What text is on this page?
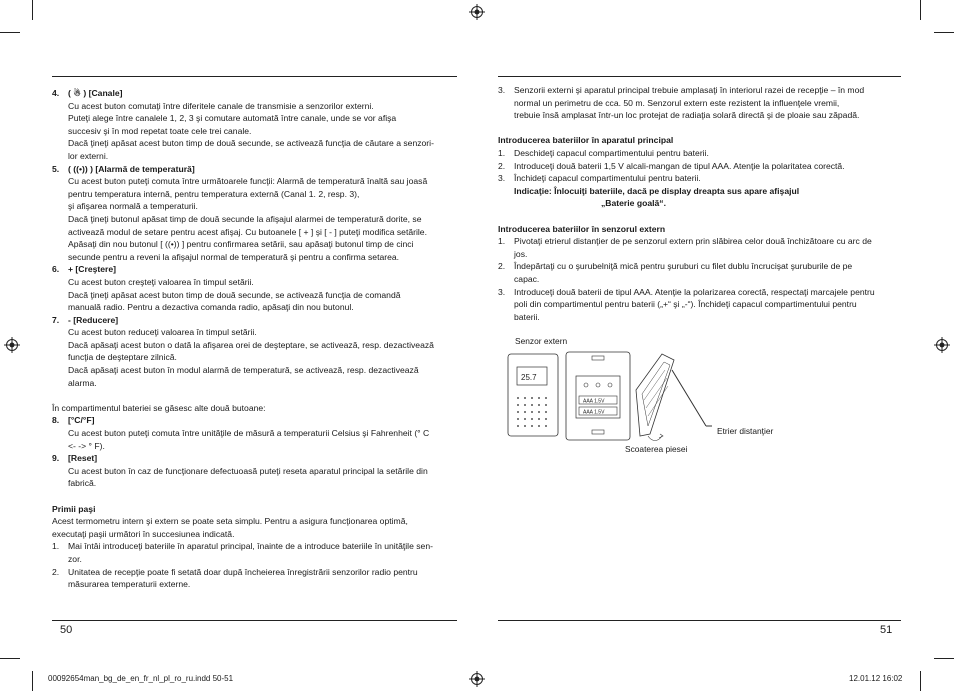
4. ( ☃ ) [Canale]

Cu acest buton comutaţi între diferitele canale de transmisie a senzorilor externi.

Puteţi alege între canalele 1, 2, 3 şi comutare automată între canale, unde se vor afişa

succesiv şi în mod repetat toate cele trei canale.

Dacă ţineţi apăsat acest buton timp de două secunde, se activează funcţia de căutare a senzori-

lor externi.

5. ( ((•)) ) [Alarmă de temperatură]

Cu acest buton puteţi comuta între următoarele funcţii: Alarmă de temperatură înaltă sau joasă

pentru temperatura internă, pentru temperatura externă (Canal 1. 2, resp. 3),

şi afişarea normală a temperaturii.

Dacă ţineţi butonul apăsat timp de două secunde la afişajul alarmei de temperatură dorite, se

activează modul de setare pentru acest afişaj. Cu butoanele [ + ] şi [ - ] puteţi modifica setările.

Apăsaţi din nou butonul [ ((•)) ] pentru confirmarea setării, sau apăsaţi butonul timp de cinci

secunde pentru a reveni la afişajul normal de temperatură şi pentru a confirma setarea.

6. + [Creştere]

Cu acest buton creşteţi valoarea în timpul setării.

Dacă ţineţi apăsat acest buton timp de două secunde, se activează funcţia de comandă

manuală radio. Pentru a dezactiva comanda radio, apăsaţi din nou butonul.

7. - [Reducere]

Cu acest buton reduceţi valoarea în timpul setării.

Dacă apăsaţi acest buton o dată la afişarea orei de deşteptare, se activează, resp. dezactivează

funcţia de deşteptare zilnică.

Dacă apăsaţi acest buton în modul alarmă de temperatură, se activează, resp. dezactivează

alarma.

În compartimentul bateriei se găsesc alte două butoane:

8. [°C/°F]

Cu acest buton puteţi comuta între unităţile de măsură a temperaturii Celsius şi Fahrenheit (° C

<- -> ° F).

9. [Reset]

Cu acest buton în caz de funcţionare defectuoasă puteţi reseta aparatul principal la setările din

fabrică.

Primii paşi

Acest termometru intern şi extern se poate seta simplu. Pentru a asigura funcţionarea optimă,

executaţi paşii următori în succesiunea indicată.

1. Mai întâi introduceţi bateriile în aparatul principal, înainte de a introduce bateriile în unităţile sen-

zor.

2. Unitatea de recepţie poate fi setată doar după încheierea înregistrării senzorilor radio pentru

măsurarea temperaturii externe.

3. Senzorii externi şi aparatul principal trebuie amplasaţi în interiorul razei de recepţie – în mod

normal un perimetru de cca. 50 m. Senzorul extern este rezistent la influenţele vremii,

trebuie însă amplasat într-un loc protejat de radiaţia solară directă şi de ploaie sau zăpadă.

Introducerea bateriilor în aparatul principal

1. Deschideţi capacul compartimentului pentru baterii.

2. Introduceţi două baterii 1,5 V alcali-mangan de tipul AAA. Atenţie la polaritatea corectă.

3. Închideţi capacul compartimentului pentru baterii.

Indicaţie: Înlocuiţi bateriile, dacă pe display dreapta sus apare afişajul

„Baterie goală“.

Introducerea bateriilor în senzorul extern

1. Pivotaţi etrierul distanţier de pe senzorul extern prin slăbirea celor două închizătoare cu arc de

jos.

2. Îndepărtaţi cu o şurubelniţă mică pentru şuruburi cu filet dublu încrucişat şuruburile de pe

capac.

3. Introduceţi două baterii de tipul AAA. Atenţie la polarizarea corectă, respectaţi marcajele pentru

poli din compartimentul pentru baterii („+“ şi „-“). Închideţi capacul compartimentului pentru

baterii.

Senzor extern
Etrier distanţier
Scoaterea piesei
25.7
AAA 1.5V
AAA 1.5V
50	51
00092654man_bg_de_en_fr_nl_pl_ro_ru.indd 50-51	12.01.12 16:02
